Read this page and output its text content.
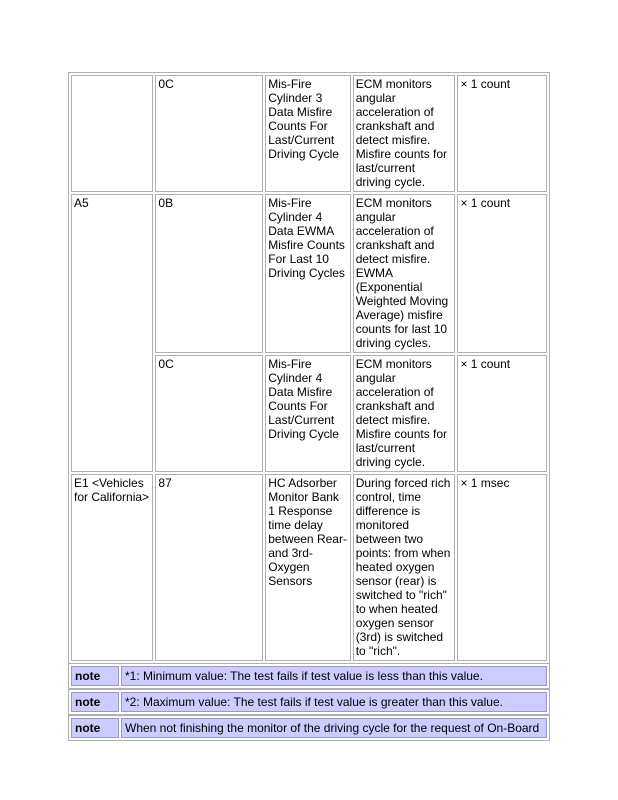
	0C	Mis-Fire Cylinder 3 Data Misfire Counts For Last/Current Driving Cycle	ECM monitors angular acceleration of crankshaft and detect misfire. Misfire counts for last/current driving cycle.	× 1 count
A5	0B	Mis-Fire Cylinder 4 Data EWMA Misfire Counts For Last 10 Driving Cycles	ECM monitors angular acceleration of crankshaft and detect misfire. EWMA (Exponential Weighted Moving Average) misfire counts for last 10 driving cycles.	× 1 count
	0C	Mis-Fire Cylinder 4 Data Misfire Counts For Last/Current Driving Cycle	ECM monitors angular acceleration of crankshaft and detect misfire. Misfire counts for last/current driving cycle.	× 1 count
E1 <Vehicles for California>	87	HC Adsorber Monitor Bank 1 Response time delay between Rear- and 3rd-Oxygen Sensors	During forced rich control, time difference is monitored between two points: from when heated oxygen sensor (rear) is switched to "rich" to when heated oxygen sensor (3rd) is switched to "rich".	× 1 msec
note	*1: Minimum value: The test fails if test value is less than this value.
note	*2: Maximum value: The test fails if test value is greater than this value.
note	When not finishing the monitor of the driving cycle for the request of On-Board
